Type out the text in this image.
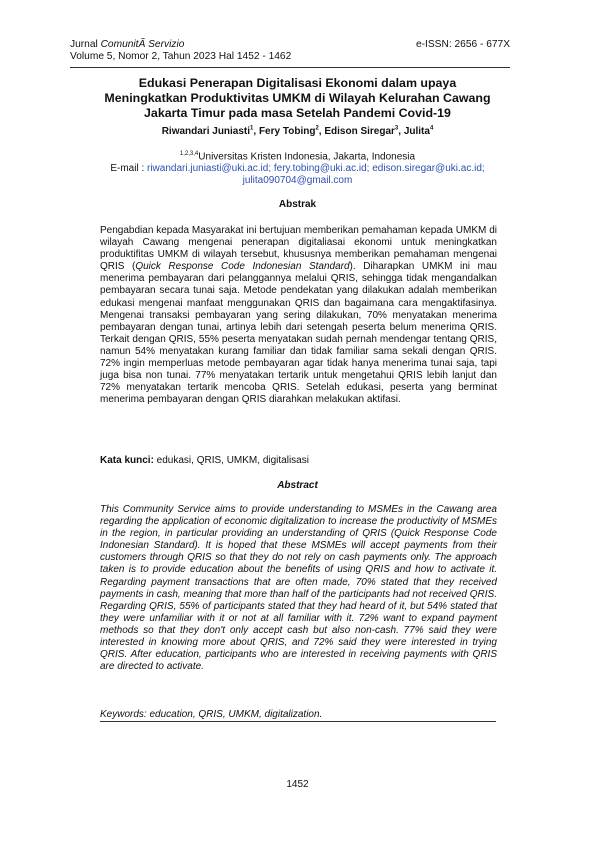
Jurnal ComunitÃ Servizio	e-ISSN: 2656 - 677X
Volume 5, Nomor 2, Tahun 2023 Hal 1452 - 1462
Edukasi Penerapan Digitalisasi Ekonomi dalam upaya
Meningkatkan Produktivitas UMKM di Wilayah Kelurahan Cawang
Jakarta Timur pada masa Setelah Pandemi Covid-19
Riwandari Juniasti$^1$, Fery Tobing$^2$, Edison Siregar$^3$, Julita$^4$
$^{1,2,3,4}$Universitas Kristen Indonesia, Jakarta, Indonesia
E-mail : riwandari.juniasti@uki.ac.id; fery.tobing@uki.ac.id; edison.siregar@uki.ac.id;
julita090704@gmail.com
Abstrak
Pengabdian kepada Masyarakat ini bertujuan memberikan pemahaman kepada UMKM di wilayah Cawang mengenai penerapan digitaliasai ekonomi untuk meningkatkan produktifitas UMKM di wilayah tersebut, khususnya memberikan pemahaman mengenai QRIS (Quick Response Code Indonesian Standard). Diharapkan UMKM ini mau menerima pembayaran dari pelanggannya melalui QRIS, sehingga tidak mengandalkan pembayaran secara tunai saja. Metode pendekatan yang dilakukan adalah memberikan edukasi mengenai manfaat menggunakan QRIS dan bagaimana cara mengaktifasinya. Mengenai transaksi pembayaran yang sering dilakukan, 70% menyatakan menerima pembayaran dengan tunai, artinya lebih dari setengah peserta belum menerima QRIS. Terkait dengan QRIS, 55% peserta menyatakan sudah pernah mendengar tentang QRIS, namun 54% menyatakan kurang familiar dan tidak familiar sama sekali dengan QRIS. 72% ingin memperluas metode pembayaran agar tidak hanya menerima tunai saja, tapi juga bisa non tunai. 77% menyatakan tertarik untuk mengetahui QRIS lebih lanjut dan 72% menyatakan tertarik mencoba QRIS. Setelah edukasi, peserta yang berminat menerima pembayaran dengan QRIS diarahkan melakukan aktifasi.
Kata kunci: edukasi, QRIS, UMKM, digitalisasi
Abstract
This Community Service aims to provide understanding to MSMEs in the Cawang area regarding the application of economic digitalization to increase the productivity of MSMEs in the region, in particular providing an understanding of QRIS (Quick Response Code Indonesian Standard). It is hoped that these MSMEs will accept payments from their customers through QRIS so that they do not rely on cash payments only. The approach taken is to provide education about the benefits of using QRIS and how to activate it. Regarding payment transactions that are often made, 70% stated that they received payments in cash, meaning that more than half of the participants had not received QRIS. Regarding QRIS, 55% of participants stated that they had heard of it, but 54% stated that they were unfamiliar with it or not at all familiar with it. 72% want to expand payment methods so that they don't only accept cash but also non-cash. 77% said they were interested in knowing more about QRIS, and 72% said they were interested in trying QRIS. After education, participants who are interested in receiving payments with QRIS are directed to activate.
Keywords: education, QRIS, UMKM, digitalization.
1452
